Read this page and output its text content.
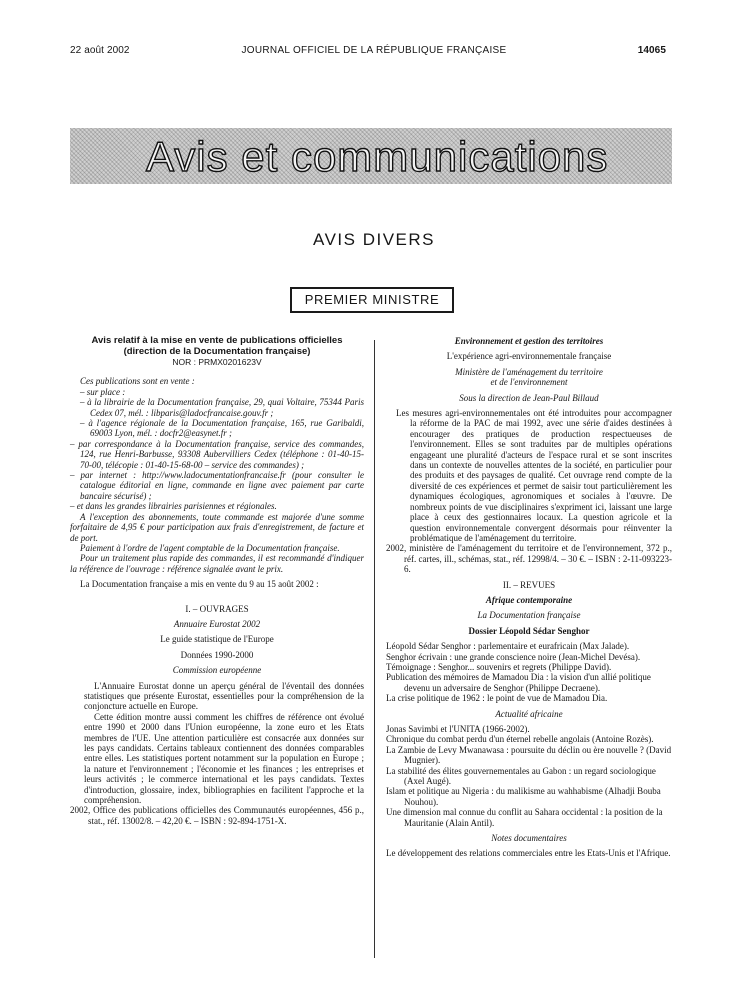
22 août 2002	JOURNAL OFFICIEL DE LA RÉPUBLIQUE FRANÇAISE	14065
Avis et communications
AVIS DIVERS
PREMIER MINISTRE

Avis relatif à la mise en vente de publications officielles

(direction de la Documentation française)

NOR : PRMX0201623V

Ces publications sont en vente :

– sur place :

– à la librairie de la Documentation française, 29, quai Voltaire, 75344 Paris Cedex 07, mél. : libparis@ladocfrancaise.gouv.fr ;

– à l'agence régionale de la Documentation française, 165, rue Garibaldi, 69003 Lyon, mél. : docfr2@easynet.fr ;

– par correspondance à la Documentation française, service des commandes, 124, rue Henri-Barbusse, 93308 Aubervilliers Cedex (téléphone : 01-40-15-70-00, télécopie : 01-40-15-68-00 – service des commandes) ;

– par internet : http://www.ladocumentationfrancaise.fr (pour consulter le catalogue éditorial en ligne, commande en ligne avec paiement par carte bancaire sécurisé) ;

– et dans les grandes librairies parisiennes et régionales.

A l'exception des abonnements, toute commande est majorée d'une somme forfaitaire de 4,95 € pour participation aux frais d'enregistrement, de facture et de port.

Paiement à l'ordre de l'agent comptable de la Documentation française.

Pour un traitement plus rapide des commandes, il est recommandé d'indiquer la référence de l'ouvrage : référence signalée avant le prix.

La Documentation française a mis en vente du 9 au 15 août 2002 :

I. – OUVRAGES

Annuaire Eurostat 2002

Le guide statistique de l'Europe

Données 1990-2000

Commission européenne

L'Annuaire Eurostat donne un aperçu général de l'éventail des données statistiques que présente Eurostat, essentielles pour la compréhension de la conjoncture actuelle en Europe.

Cette édition montre aussi comment les chiffres de référence ont évolué entre 1990 et 2000 dans l'Union européenne, la zone euro et les Etats membres de l'UE. Une attention particulière est consacrée aux données sur les pays candidats. Certains tableaux contiennent des données comparables entre elles. Les statistiques portent notamment sur la population en Europe ; la nature et l'environnement ; l'économie et les finances ; les entreprises et leurs activités ; le commerce international et les pays candidats. Textes d'introduction, glossaire, index, bibliographies en facilitent l'approche et la compréhension.

2002, Office des publications officielles des Communautés européennes, 456 p., stat., réf. 13002/8. – 42,20 €. – ISBN : 92-894-1751-X.

Environnement et gestion des territoires

L'expérience agri-environnementale française

Ministère de l'aménagement du territoire

et de l'environnement

Sous la direction de Jean-Paul Billaud

Les mesures agri-environnementales ont été introduites pour accompagner la réforme de la PAC de mai 1992, avec une série d'aides destinées à encourager des pratiques de production respectueuses de l'environnement. Elles se sont traduites par de multiples opérations engageant une pluralité d'acteurs de l'espace rural et se sont inscrites dans un contexte de nouvelles attentes de la société, en particulier pour des produits et des paysages de qualité. Cet ouvrage rend compte de la diversité de ces expériences et permet de saisir tout particulièrement les dynamiques écologiques, agronomiques et sociales à l'œuvre. De nombreux points de vue disciplinaires s'expriment ici, laissant une large place à ceux des gestionnaires locaux. La question agricole et la question environnementale convergent désormais pour réinventer la problématique de l'aménagement du territoire.

2002, ministère de l'aménagement du territoire et de l'environnement, 372 p., réf. cartes, ill., schémas, stat., réf. 12998/4. – 30 €. – ISBN : 2-11-093223-6.

II. – REVUES

Afrique contemporaine

La Documentation française

Dossier Léopold Sédar Senghor

Léopold Sédar Senghor : parlementaire et eurafricain (Max Jalade).

Senghor écrivain : une grande conscience noire (Jean-Michel Devésa).

Témoignage : Senghor... souvenirs et regrets (Philippe David).

Publication des mémoires de Mamadou Dia : la vision d'un allié politique devenu un adversaire de Senghor (Philippe Decraene).

La crise politique de 1962 : le point de vue de Mamadou Dia.

Actualité africaine

Jonas Savimbi et l'UNITA (1966-2002).

Chronique du combat perdu d'un éternel rebelle angolais (Antoine Rozès).

La Zambie de Levy Mwanawasa : poursuite du déclin ou ère nouvelle ? (David Mugnier).

La stabilité des élites gouvernementales au Gabon : un regard sociologique (Axel Augé).

Islam et politique au Nigeria : du malikisme au wahhabisme (Alhadji Bouba Nouhou).

Une dimension mal connue du conflit au Sahara occidental : la position de la Mauritanie (Alain Antil).

Notes documentaires

Le développement des relations commerciales entre les Etats-Unis et l'Afrique.
